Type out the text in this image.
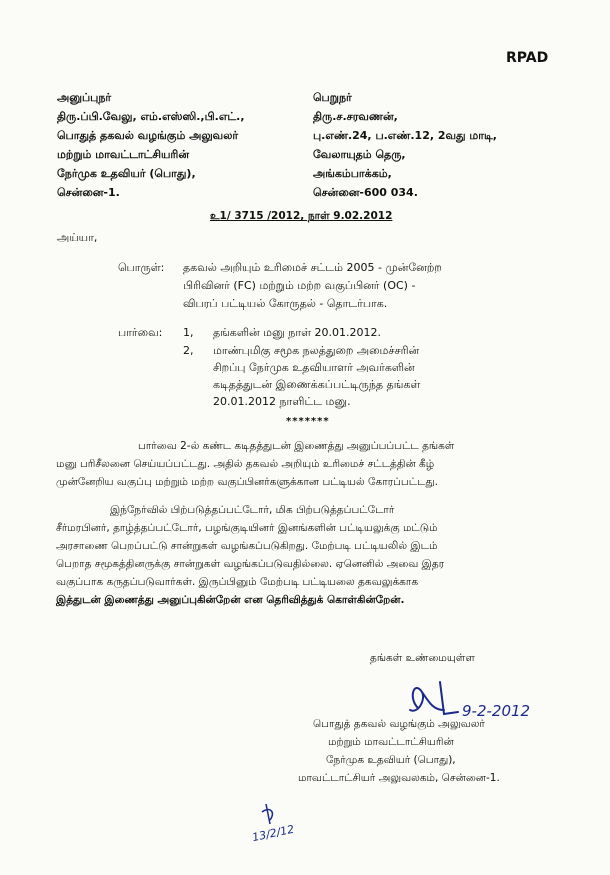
RPAD
அனுப்புநர்
திரு.ப்பி.வேலு, எம்.எஸ்ஸி.,பி.எட்.,
பொதுத் தகவல் வழங்கும் அலுவலர்
மற்றும் மாவட்டாட்சியரின்
நேர்முக உதவியர் (பொது),
சென்னை-1.
பெறுநர்
திரு.ச.சரவணன்,
பு.எண்.24, ப.எண்.12, 2வது மாடி,
வேலாயுதம் தெரு,
அங்கம்பாக்கம்,
சென்னை-600 034.
உ1/ 3715 /2012, நாள் 9.02.2012
அய்யா,
பொருள்: தகவல் அறியும் உரிமைச் சட்டம் 2005 - முன்னேற்ற
பிரிவினர் (FC) மற்றும் மற்ற வகுப்பினர் (OC) -
விபரப் பட்டியல் கோருதல் - தொடர்பாக.
பார்வை: 1, தங்களின் மனு நாள் 20.01.2012.
2, மாண்புமிகு சமூக நலத்துறை அமைச்சரின்
சிறப்பு நேர்முக உதவியாளர் அவர்களின்
கடிதத்துடன் இணைக்கப்பட்டிருந்த தங்கள்
20.01.2012 நாளிட்ட மனு.
*******
பார்வை 2-ல் கண்ட கடிதத்துடன் இணைத்து அனுப்பப்பட்ட தங்கள்
மனு பரிசீலனை செய்யப்பட்டது. அதில் தகவல் அறியும் உரிமைச் சட்டத்தின் கீழ்
முன்னேறிய வகுப்பு மற்றும் மற்ற வகுப்பினர்களுக்கான பட்டியல் கோரப்பட்டது.
இந்நேர்வில் பிற்படுத்தப்பட்டோர், மிக பிற்படுத்தப்பட்டோர்
சீர்மரபினர், தாழ்த்தப்பட்டோர், பழங்குடியினர் இனங்களின் பட்டியலுக்கு மட்டும்
அரசாணை பெறப்பட்டு சான்றுகள் வழங்கப்படுகிறது. மேற்படி பட்டியலில் இடம்
பெறாத சமூகத்தினருக்கு சான்றுகள் வழங்கப்படுவதில்லை. ஏனெனில் அவை இதர
வகுப்பாக கருதப்படுவார்கள். இருப்பினும் மேற்படி பட்டியலை தகவலுக்காக
இத்துடன் இணைத்து அனுப்புகின்றேன் என தெரிவித்துக் கொள்கின்றேன்.
தங்கள் உண்மையுள்ள
9-2-2012
பொதுத் தகவல் வழங்கும் அலுவலர்
மற்றும் மாவட்டாட்சியரின்
நேர்முக உதவியர் (பொது),
மாவட்டாட்சியர் அலுவலகம், சென்னை-1.
13/2/12
